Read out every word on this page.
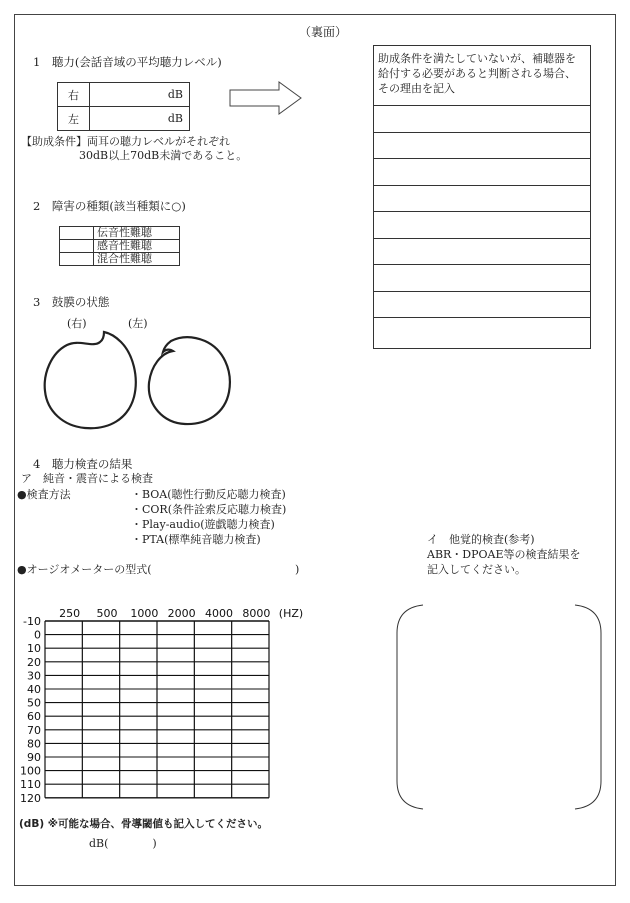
（裏面）
1　聴力(会話音域の平均聴力レベル)
右	dB
左	dB
【助成条件】両耳の聴力レベルがそれぞれ
30dB以上70dB未満であること。
助成条件を満たしていないが、補聴器を給付する必要があると判断される場合、その理由を記入
2　障害の種類(該当種類に○)
	伝音性難聴
	感音性難聴
	混合性難聴
3　鼓膜の状態
(右)	(左)
4　聴力検査の結果
ア　純音・震音による検査
●検査方法	・BOA(聴性行動反応聴力検査)
・COR(条件詮索反応聴力検査)
・Play-audio(遊戯聴力検査)
・PTA(標準純音聴力検査)
●オージオメーターの型式(	)
イ　他覚的検査(参考)
ABR・DPOAE等の検査結果を
記入してください。
250 500 1000 2000 4000 8000 (HZ)
-10
0
10
20
30
40
50
60
70
80
90
100
110
120
(dB) ※可能な場合、骨導閾値も記入してください。
dB(　　　　)
